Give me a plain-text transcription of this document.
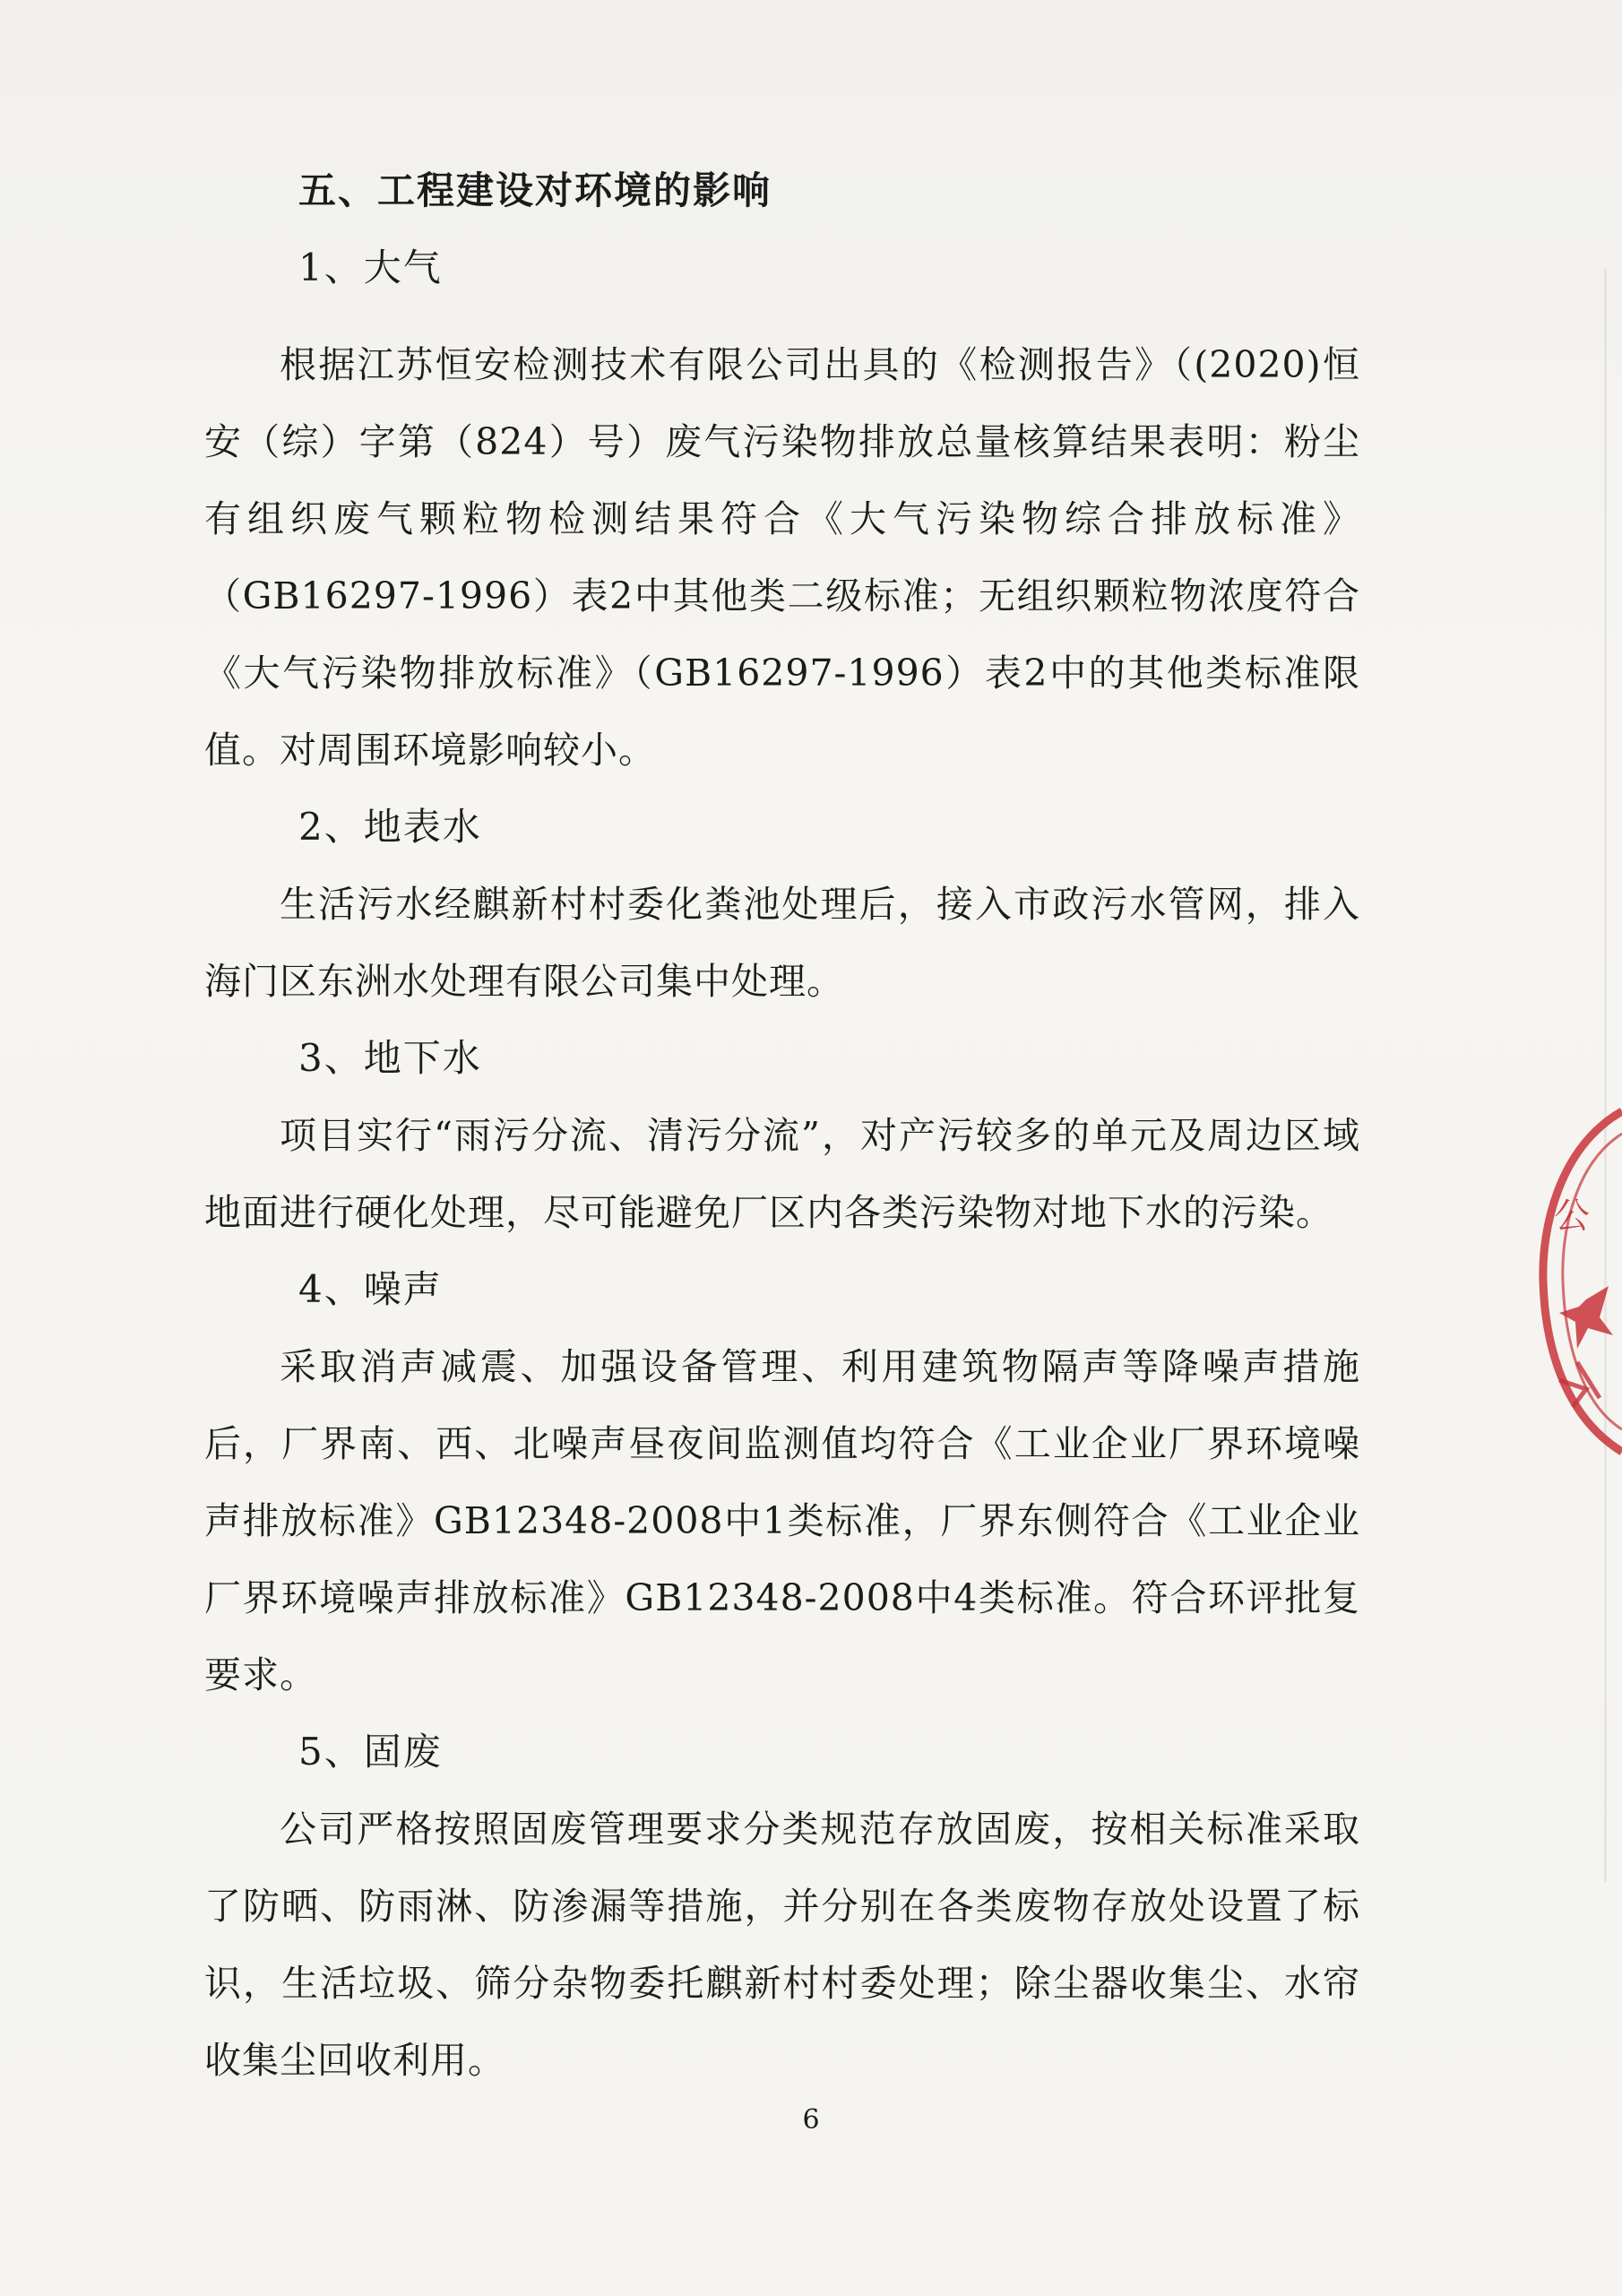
五、工程建设对环境的影响
1、大气
根据江苏恒安检测技术有限公司出具的《检测报告》（(2020)恒安（综）字第（824）号）废气污染物排放总量核算结果表明：粉尘有组织废气颗粒物检测结果符合《大气污染物综合排放标准》（GB16297-1996）表2中其他类二级标准；无组织颗粒物浓度符合《大气污染物排放标准》（GB16297-1996）表2中的其他类标准限值。对周围环境影响较小。
2、地表水
生活污水经麒新村村委化粪池处理后，接入市政污水管网，排入海门区东洲水处理有限公司集中处理。
3、地下水
项目实行“雨污分流、清污分流”，对产污较多的单元及周边区域地面进行硬化处理，尽可能避免厂区内各类污染物对地下水的污染。
4、噪声
采取消声减震、加强设备管理、利用建筑物隔声等降噪声措施后，厂界南、西、北噪声昼夜间监测值均符合《工业企业厂界环境噪声排放标准》GB12348-2008中1类标准，厂界东侧符合《工业企业厂界环境噪声排放标准》GB12348-2008中4类标准。符合环评批复要求。
5、固废
公司严格按照固废管理要求分类规范存放固废，按相关标准采取了防晒、防雨淋、防渗漏等措施，并分别在各类废物存放处设置了标识，生活垃圾、筛分杂物委托麒新村村委处理；除尘器收集尘、水帘收集尘回收利用。
6
公
